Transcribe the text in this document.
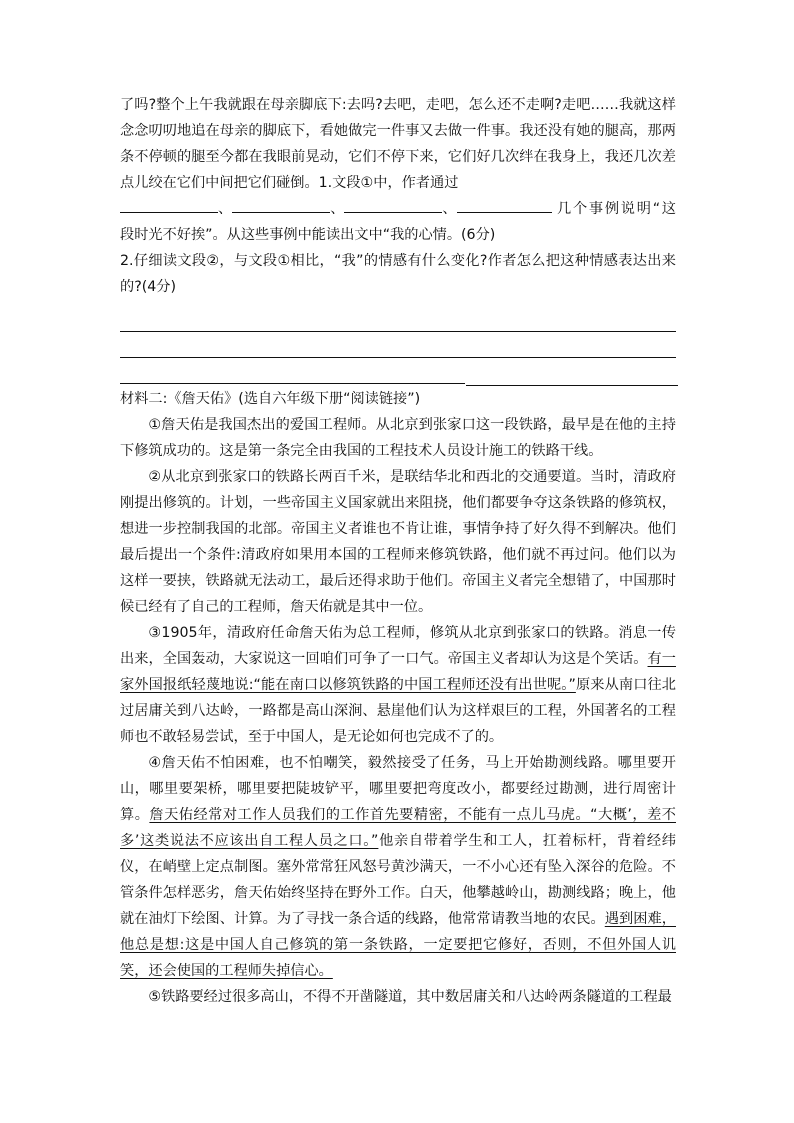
了吗?整个上午我就跟在母亲脚底下:去吗?去吧，走吧，怎么还不走啊?走吧……我就这样念念叨叨地追在母亲的脚底下，看她做完一件事又去做一件事。我还没有她的腿高，那两条不停顿的腿至今都在我眼前晃动，它们不停下来，它们好几次绊在我身上，我还几次差点儿绞在它们中间把它们碰倒。1.文段①中，作者通过

、	、	、	几个事例说明“这段时光不好挨”。从这些事例中能读出文中“我的心情。(6分)

2.仔细读文段②，与文段①相比，“我”的情感有什么变化?作者怎么把这种情感表达出来的?(4分)

材料二:《詹天佑》(选自六年级下册“阅读链接”)

①詹天佑是我国杰出的爱国工程师。从北京到张家口这一段铁路，最早是在他的主持下修筑成功的。这是第一条完全由我国的工程技术人员设计施工的铁路干线。

②从北京到张家口的铁路长两百千米，是联结华北和西北的交通要道。当时，清政府刚提出修筑的。计划，一些帝国主义国家就出来阻挠，他们都要争夺这条铁路的修筑权，想进一步控制我国的北部。帝国主义者谁也不肯让谁，事情争持了好久得不到解决。他们最后提出一个条件:清政府如果用本国的工程师来修筑铁路，他们就不再过问。他们以为这样一要挟，铁路就无法动工，最后还得求助于他们。帝国主义者完全想错了，中国那时候已经有了自己的工程师，詹天佑就是其中一位。

③1905年，清政府任命詹天佑为总工程师，修筑从北京到张家口的铁路。消息一传出来，全国轰动，大家说这一回咱们可争了一口气。帝国主义者却认为这是个笑话。有一家外国报纸轻蔑地说:“能在南口以修筑铁路的中国工程师还没有出世呢。”原来从南口往北过居庸关到八达岭，一路都是高山深涧、悬崖他们认为这样艰巨的工程，外国著名的工程师也不敢轻易尝试，至于中国人，是无论如何也完成不了的。

④詹天佑不怕困难，也不怕嘲笑，毅然接受了任务，马上开始勘测线路。哪里要开山，哪里要架桥，哪里要把陡坡铲平，哪里要把弯度改小，都要经过勘测，进行周密计算。詹天佑经常对工作人员我们的工作首先要精密，不能有一点儿马虎。“大概’，差不多’这类说法不应该出自工程人员之口。”他亲自带着学生和工人，扛着标杆，背着经纬仪，在峭壁上定点制图。塞外常常狂风怒号黄沙满天，一不小心还有坠入深谷的危险。不管条件怎样恶劣，詹天佑始终坚持在野外工作。白天，他攀越岭山，勘测线路；晚上，他就在油灯下绘图、计算。为了寻找一条合适的线路，他常常请教当地的农民。遇到困难，他总是想:这是中国人自己修筑的第一条铁路，一定要把它修好，否则，不但外国人讥笑，还会使国的工程师失掉信心。

⑤铁路要经过很多高山，不得不开凿隧道，其中数居庸关和八达岭两条隧道的工程最
